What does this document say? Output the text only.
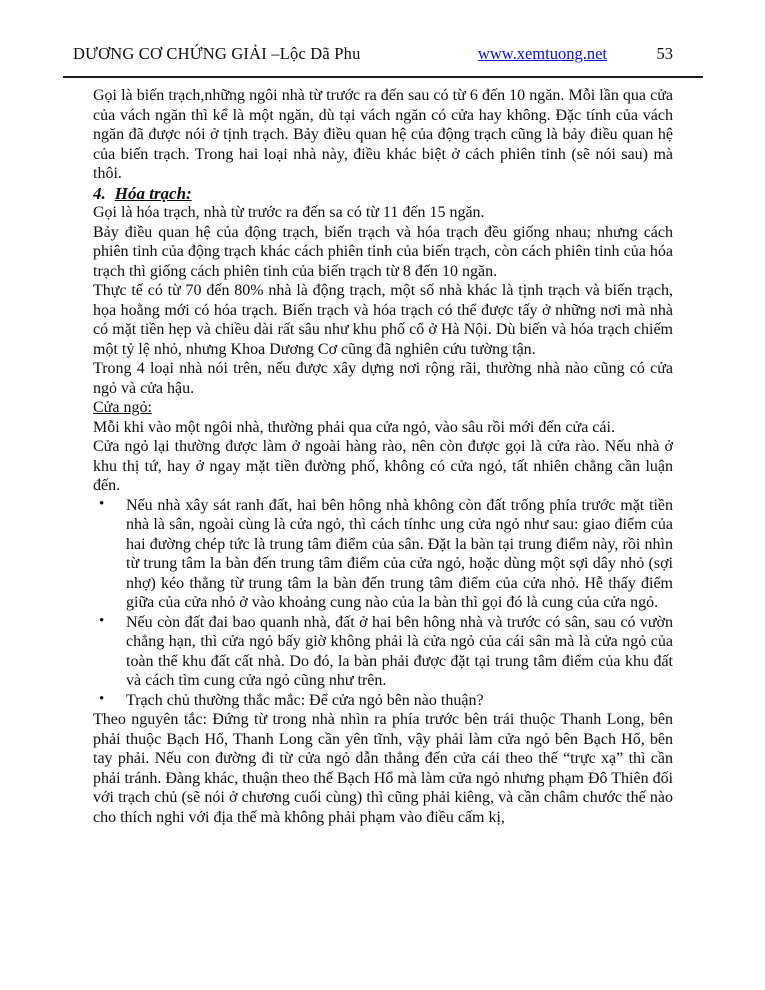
DƯƠNG CƠ CHỨNG GIẢI –Lộc Dã Phu	www.xemtuong.net	53

Gọi là biến trạch,những ngôi nhà từ trước ra đến sau có từ 6 đến 10 ngăn. Mỗi lần qua cửa của vách ngăn thì kể là một ngăn, dù tại vách ngăn có cửa hay không. Đặc tính của vách ngăn đã được nói ở tịnh trạch. Bảy điều quan hệ của động trạch cũng là bảy điều quan hệ của biến trạch. Trong hai loại nhà này, điều khác biệt ở cách phiên tinh (sẽ nói sau) mà thôi.

4. Hóa trạch:

Gọi là hóa trạch, nhà từ trước ra đến sa có từ 11 đến 15 ngăn.

Bảy điều quan hệ của động trạch, biến trạch và hóa trạch đều giống nhau; nhưng cách phiên tinh của động trạch khác cách phiên tinh của biến trạch, còn cách phiên tinh của hóa trạch thì giống cách phiên tinh của biến trạch từ 8 đến 10 ngăn.

Thực tế có từ 70 đến 80% nhà là động trạch, một số nhà khác là tịnh trạch và biến trạch, họa hoằng mới có hóa trạch. Biến trạch và hóa trạch có thể được tấy ở những nơi mà nhà có mặt tiền hẹp và chiều dài rất sâu như khu phố cổ ở Hà Nội. Dù biến và hóa trạch chiếm một tỷ lệ nhỏ, nhưng Khoa Dương Cơ cũng đã nghiên cứu tường tận.

Trong 4 loại nhà nói trên, nếu được xây dựng nơi rộng rãi, thường nhà nào cũng có cửa ngỏ và cửa hậu.

Cửa ngỏ:

Mỗi khi vào một ngôi nhà, thường phải qua cửa ngỏ, vào sâu rồi mới đến cửa cái.

Cửa ngỏ lại thường được làm ở ngoài hàng rào, nên còn được gọi là cửa rào. Nếu nhà ở khu thị tứ, hay ở ngay mặt tiền đường phố, không có cửa ngỏ, tất nhiên chẳng cần luận đến.

• Nếu nhà xây sát ranh đất, hai bên hông nhà không còn đất trống phía trước mặt tiền nhà là sân, ngoài cùng là cửa ngỏ, thì cách tínhc ung cửa ngỏ như sau: giao điểm của hai đường chép tức là trung tâm điểm của sân. Đặt la bàn tại trung điểm này, rồi nhìn từ trung tâm la bàn đến trung tâm điểm của cửa ngỏ, hoặc dùng một sợi dây nhỏ (sợi nhợ) kéo thẳng từ trung tâm la bàn đến trung tâm điểm của cửa nhỏ. Hễ thấy điểm giữa của cửa nhỏ ở vào khoảng cung nào của la bàn thì gọi đó là cung của cửa ngỏ.
• Nếu còn đất đai bao quanh nhà, đất ở hai bên hông nhà và trước có sân, sau có vườn chẳng hạn, thì cửa ngỏ bấy giờ không phải là cửa ngỏ của cái sân mà là cửa ngỏ của toàn thể khu đất cất nhà. Do đó, la bàn phải được đặt tại trung tâm điểm của khu đất và cách tìm cung cửa ngỏ cũng như trên.
• Trạch chủ thường thắc mắc: Để cửa ngỏ bên nào thuận?

Theo nguyên tắc: Đứng từ trong nhà nhìn ra phía trước bên trái thuộc Thanh Long, bên phải thuộc Bạch Hổ, Thanh Long cần yên tĩnh, vậy phải làm cửa ngỏ bên Bạch Hổ, bên tay phải. Nếu con đường đi từ cửa ngỏ dẫn thẳng đến cửa cái theo thế “trực xạ” thì cần phải tránh. Đàng khác, thuận theo thế Bạch Hổ mà làm cửa ngỏ nhưng phạm Đô Thiên đối với trạch chủ (sẽ nói ở chương cuối cùng) thì cũng phải kiêng, và cần châm chước thế nào cho thích nghi với địa thế mà không phải phạm vào điều cấm kị,
